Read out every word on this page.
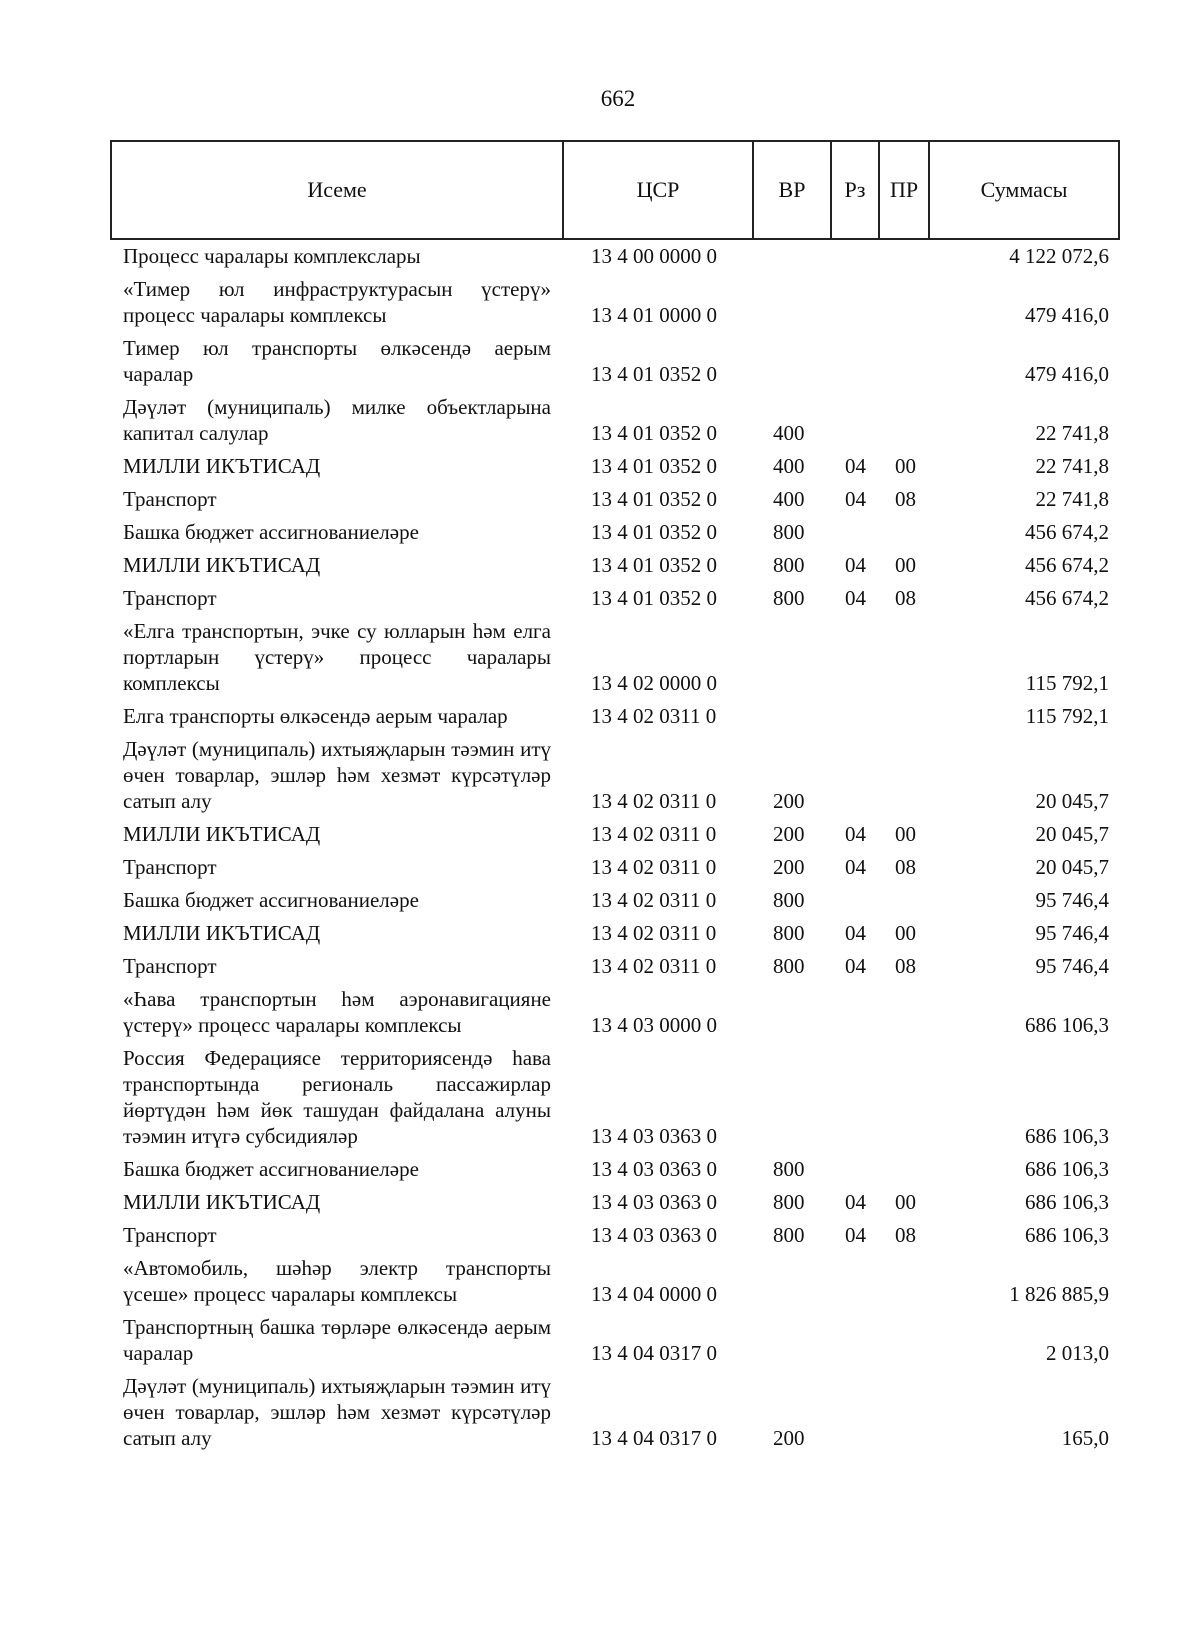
662
Исеме	ЦСР	ВР	Рз	ПР	Суммасы
Процесс чаралары комплекслары	13 4 00 0000 0				4 122 072,6
«Тимер юл инфраструктурасын үстерү» процесс чаралары комплексы	13 4 01 0000 0				479 416,0
Тимер юл транспорты өлкәсендә аерым чаралар	13 4 01 0352 0				479 416,0
Дәүләт (муниципаль) милке объектларына капитал салулар	13 4 01 0352 0	400			22 741,8
МИЛЛИ ИКЪТИСАД	13 4 01 0352 0	400	04	00	22 741,8
Транспорт	13 4 01 0352 0	400	04	08	22 741,8
Башка бюджет ассигнованиеләре	13 4 01 0352 0	800			456 674,2
МИЛЛИ ИКЪТИСАД	13 4 01 0352 0	800	04	00	456 674,2
Транспорт	13 4 01 0352 0	800	04	08	456 674,2
«Елга транспортын, эчке су юлларын һәм елга портларын үстерү» процесс чаралары комплексы	13 4 02 0000 0				115 792,1
Елга транспорты өлкәсендә аерым чаралар	13 4 02 0311 0				115 792,1
Дәүләт (муниципаль) ихтыяҗларын тәэмин итү өчен товарлар, эшләр һәм хезмәт күрсәтүләр сатып алу	13 4 02 0311 0	200			20 045,7
МИЛЛИ ИКЪТИСАД	13 4 02 0311 0	200	04	00	20 045,7
Транспорт	13 4 02 0311 0	200	04	08	20 045,7
Башка бюджет ассигнованиеләре	13 4 02 0311 0	800			95 746,4
МИЛЛИ ИКЪТИСАД	13 4 02 0311 0	800	04	00	95 746,4
Транспорт	13 4 02 0311 0	800	04	08	95 746,4
«Һава транспортын һәм аэронавигацияне үстерү» процесс чаралары комплексы	13 4 03 0000 0				686 106,3
Россия Федерациясе территориясендә һава транспортында региональ пассажирлар йөртүдән һәм йөк ташудан файдалана алуны тәэмин итүгә субсидияләр	13 4 03 0363 0				686 106,3
Башка бюджет ассигнованиеләре	13 4 03 0363 0	800			686 106,3
МИЛЛИ ИКЪТИСАД	13 4 03 0363 0	800	04	00	686 106,3
Транспорт	13 4 03 0363 0	800	04	08	686 106,3
«Автомобиль, шәһәр электр транспорты үсеше» процесс чаралары комплексы	13 4 04 0000 0				1 826 885,9
Транспортның башка төрләре өлкәсендә аерым чаралар	13 4 04 0317 0				2 013,0
Дәүләт (муниципаль) ихтыяҗларын тәэмин итү өчен товарлар, эшләр һәм хезмәт күрсәтүләр сатып алу	13 4 04 0317 0	200			165,0
